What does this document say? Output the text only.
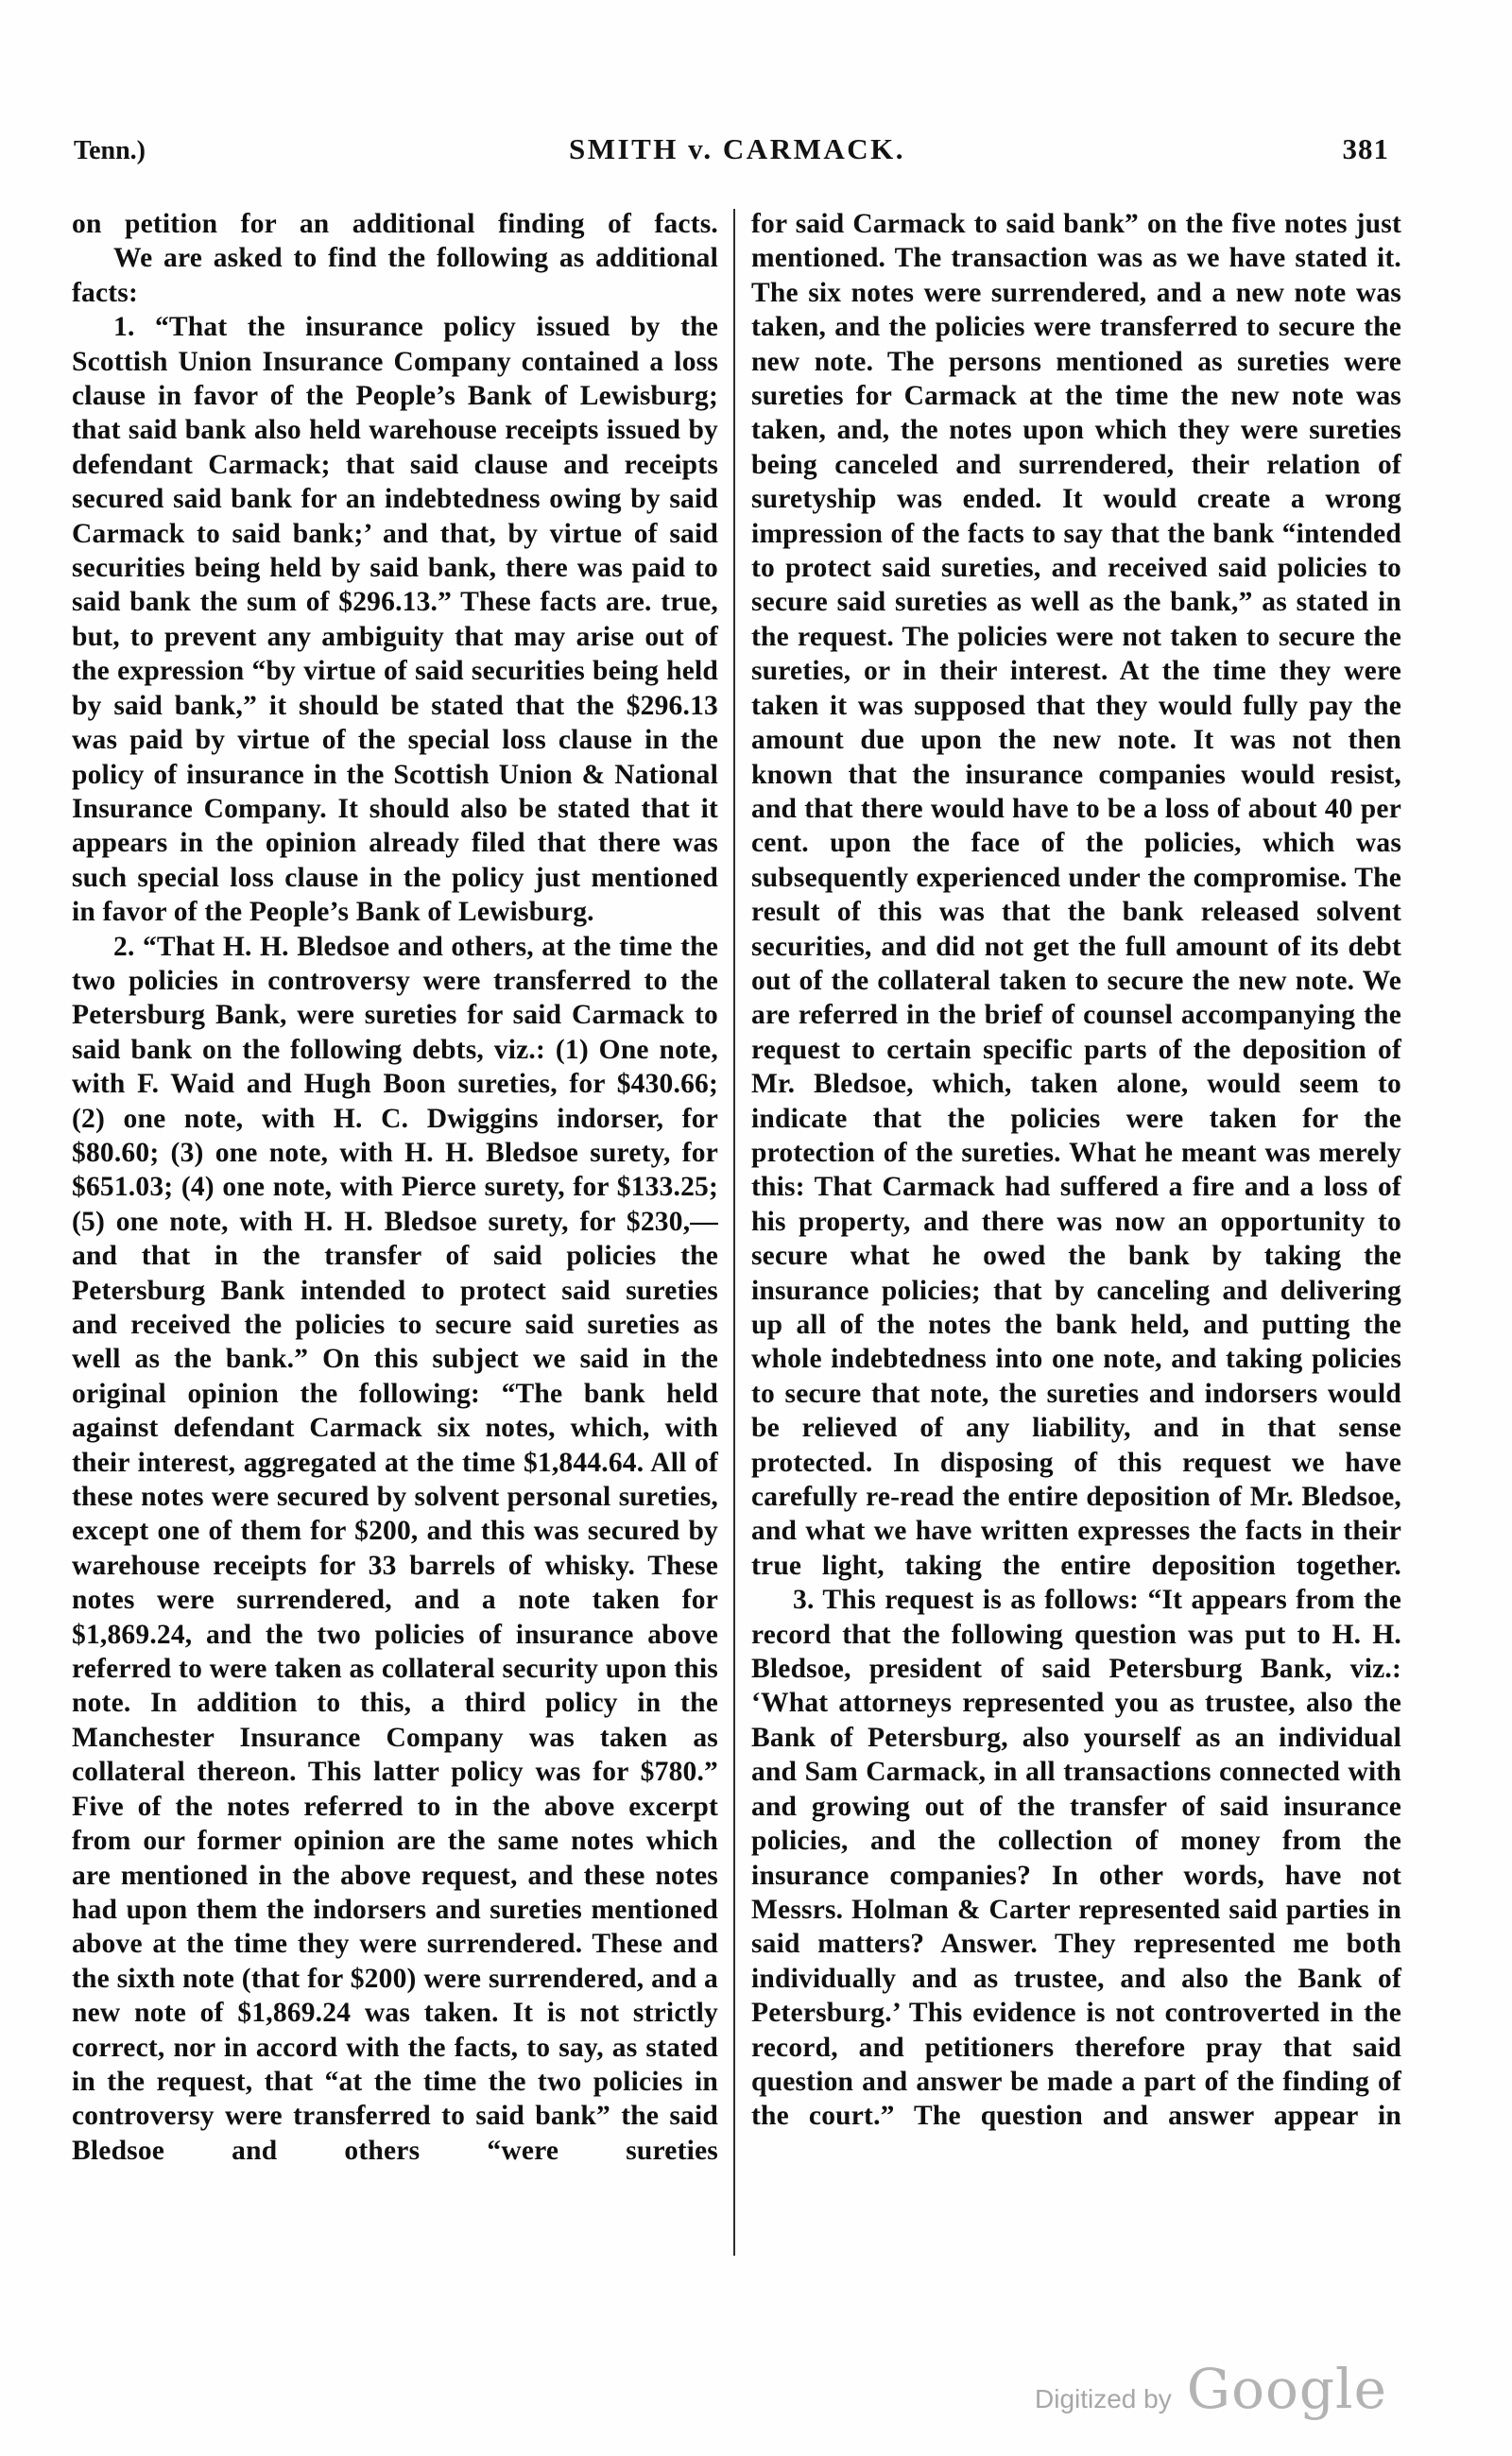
Tenn.)	SMITH v. CARMACK.	381

on petition for an additional finding of facts.

We are asked to find the following as additional facts:

1. “That the insurance policy issued by the Scottish Union Insurance Company contained a loss clause in favor of the People’s Bank of Lewisburg; that said bank also held warehouse receipts issued by defendant Carmack; that said clause and receipts secured said bank for an indebtedness owing by said Carmack to said bank;’ and that, by virtue of said securities being held by said bank, there was paid to said bank the sum of $296.13.” These facts are. true, but, to prevent any ambiguity that may arise out of the expression “by virtue of said securities being held by said bank,” it should be stated that the $296.13 was paid by virtue of the special loss clause in the policy of insurance in the Scottish Union & National Insurance Company. It should also be stated that it appears in the opinion already filed that there was such special loss clause in the policy just mentioned in favor of the People’s Bank of Lewisburg.

2. “That H. H. Bledsoe and others, at the time the two policies in controversy were transferred to the Petersburg Bank, were sureties for said Carmack to said bank on the following debts, viz.: (1) One note, with F. Waid and Hugh Boon sureties, for $430.66; (2) one note, with H. C. Dwiggins indorser, for $80.60; (3) one note, with H. H. Bledsoe surety, for $651.03; (4) one note, with Pierce surety, for $133.25; (5) one note, with H. H. Bledsoe surety, for $230,—and that in the transfer of said policies the Petersburg Bank intended to protect said sureties and received the policies to secure said sureties as well as the bank.” On this subject we said in the original opinion the following: “The bank held against defendant Carmack six notes, which, with their interest, aggregated at the time $1,844.64. All of these notes were secured by solvent personal sureties, except one of them for $200, and this was secured by warehouse receipts for 33 barrels of whisky. These notes were surrendered, and a note taken for $1,869.24, and the two policies of insurance above referred to were taken as collateral security upon this note. In addition to this, a third policy in the Manchester Insurance Company was taken as collateral thereon. This latter policy was for $780.” Five of the notes referred to in the above excerpt from our former opinion are the same notes which are mentioned in the above request, and these notes had upon them the indorsers and sureties mentioned above at the time they were surrendered. These and the sixth note (that for $200) were surrendered, and a new note of $1,869.24 was taken. It is not strictly correct, nor in accord with the facts, to say, as stated in the request, that “at the time the two policies in controversy were transferred to said bank” the said Bledsoe and others “were sureties

for said Carmack to said bank” on the five notes just mentioned. The transaction was as we have stated it. The six notes were surrendered, and a new note was taken, and the policies were transferred to secure the new note. The persons mentioned as sureties were sureties for Carmack at the time the new note was taken, and, the notes upon which they were sureties being canceled and surrendered, their relation of suretyship was ended. It would create a wrong impression of the facts to say that the bank “intended to protect said sureties, and received said policies to secure said sureties as well as the bank,” as stated in the request. The policies were not taken to secure the sureties, or in their interest. At the time they were taken it was supposed that they would fully pay the amount due upon the new note. It was not then known that the insurance companies would resist, and that there would have to be a loss of about 40 per cent. upon the face of the policies, which was subsequently experienced under the compromise. The result of this was that the bank released solvent securities, and did not get the full amount of its debt out of the collateral taken to secure the new note. We are referred in the brief of counsel accompanying the request to certain specific parts of the deposition of Mr. Bledsoe, which, taken alone, would seem to indicate that the policies were taken for the protection of the sureties. What he meant was merely this: That Carmack had suffered a fire and a loss of his property, and there was now an opportunity to secure what he owed the bank by taking the insurance policies; that by canceling and delivering up all of the notes the bank held, and putting the whole indebtedness into one note, and taking policies to secure that note, the sureties and indorsers would be relieved of any liability, and in that sense protected. In disposing of this request we have carefully re-read the entire deposition of Mr. Bledsoe, and what we have written expresses the facts in their true light, taking the entire deposition together.

3. This request is as follows: “It appears from the record that the following question was put to H. H. Bledsoe, president of said Petersburg Bank, viz.: ‘What attorneys represented you as trustee, also the Bank of Petersburg, also yourself as an individual and Sam Carmack, in all transactions connected with and growing out of the transfer of said insurance policies, and the collection of money from the insurance companies? In other words, have not Messrs. Holman & Carter represented said parties in said matters? Answer. They represented me both individually and as trustee, and also the Bank of Petersburg.’ This evidence is not controverted in the record, and petitioners therefore pray that said question and answer be made a part of the finding of the court.” The question and answer appear in

Digitized by Google
